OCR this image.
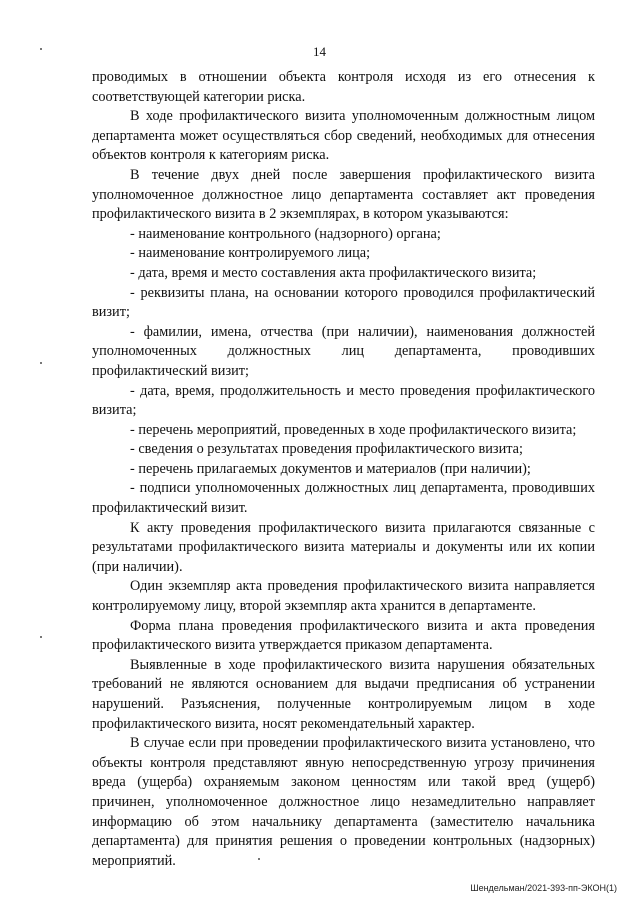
14

проводимых в отношении объекта контроля исходя из его отнесения к соответствующей категории риска.

В ходе профилактического визита уполномоченным должностным лицом департамента может осуществляться сбор сведений, необходимых для отнесения объектов контроля к категориям риска.

В течение двух дней после завершения профилактического визита уполномоченное должностное лицо департамента составляет акт проведения профилактического визита в 2 экземплярах, в котором указываются:

- наименование контрольного (надзорного) органа;

- наименование контролируемого лица;

- дата, время и место составления акта профилактического визита;

- реквизиты плана, на основании которого проводился профилактический визит;

- фамилии, имена, отчества (при наличии), наименования должностей уполномоченных должностных лиц департамента, проводивших профилактический визит;

- дата, время, продолжительность и место проведения профилактического визита;

- перечень мероприятий, проведенных в ходе профилактического визита;

- сведения о результатах проведения профилактического визита;

- перечень прилагаемых документов и материалов (при наличии);

- подписи уполномоченных должностных лиц департамента, проводивших профилактический визит.

К акту проведения профилактического визита прилагаются связанные с результатами профилактического визита материалы и документы или их копии (при наличии).

Один экземпляр акта проведения профилактического визита направляется контролируемому лицу, второй экземпляр акта хранится в департаменте.

Форма плана проведения профилактического визита и акта проведения профилактического визита утверждается приказом департамента.

Выявленные в ходе профилактического визита нарушения обязательных требований не являются основанием для выдачи предписания об устранении нарушений. Разъяснения, полученные контролируемым лицом в ходе профилактического визита, носят рекомендательный характер.

В случае если при проведении профилактического визита установлено, что объекты контроля представляют явную непосредственную угрозу причинения вреда (ущерба) охраняемым законом ценностям или такой вред (ущерб) причинен, уполномоченное должностное лицо незамедлительно направляет информацию об этом начальнику департамента (заместителю начальника департамента) для принятия решения о проведении контрольных (надзорных) мероприятий.

Шендельман/2021-393-пп-ЭКОН(1)
